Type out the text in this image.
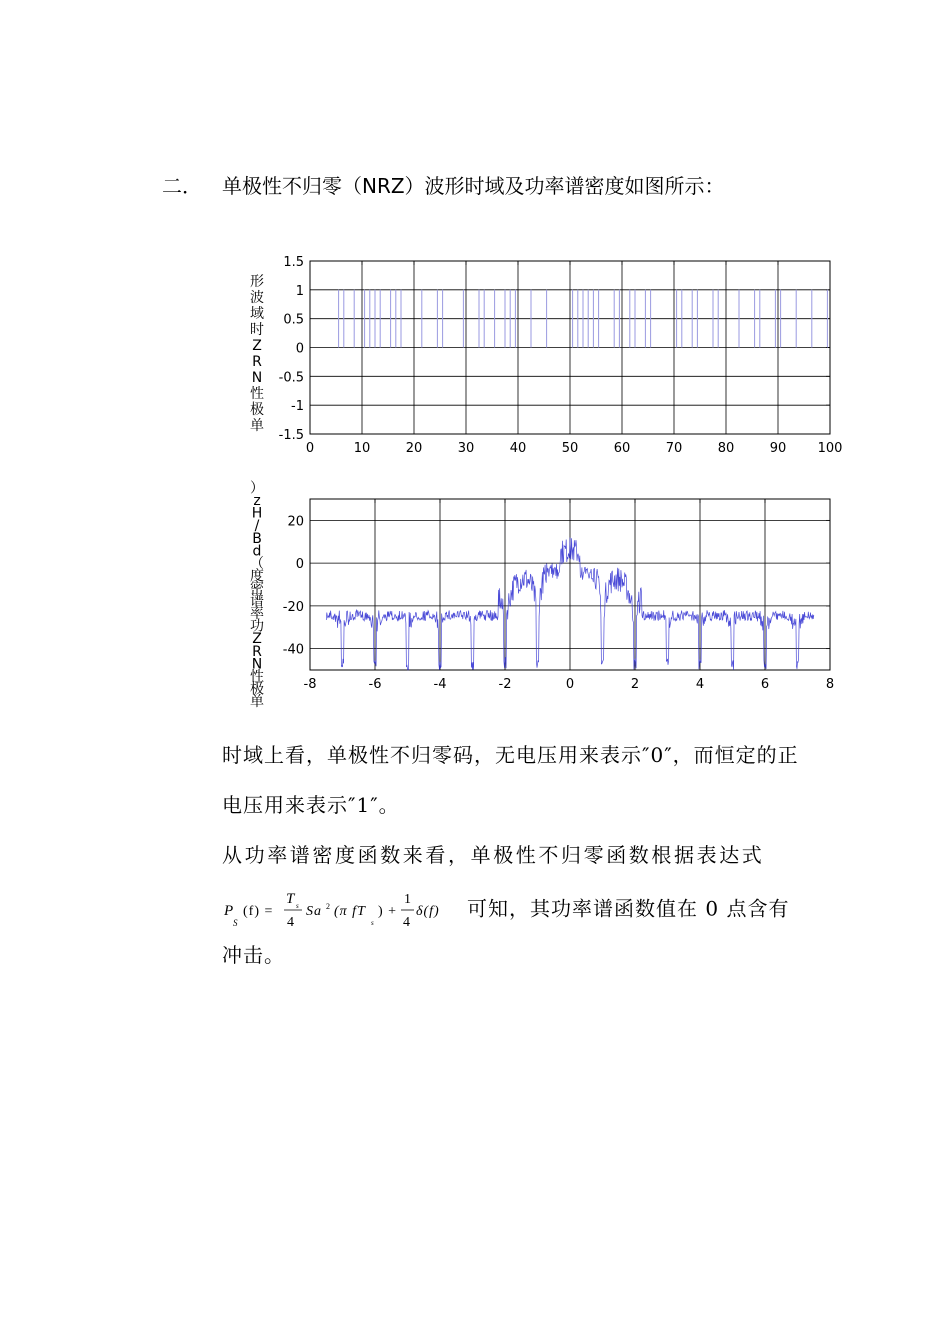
二． 单极性不归零（NRZ）波形时域及功率谱密度如图所示：
0	10	20	30	40	50	60	70	80	90 100
1.5
1
0.5
0
-0.5
-1
-1.5
形波域时 Z R N 性极单
-8	-6	-4	-2	0	2	4	6	8
20
0
-20
-40
） z H / B d （度密谱率功 Z R N 性极单
时域上看，单极性不归零码，无电压用来表示″0″，而恒定的正
电压用来表示″1″。
从功率谱密度函数来看，单极性不归零函数根据表达式
P
S
(f) =
T s
4
Sa 2 (π fT
s
) +
1
4
δ(f) 可知，其功率谱函数值在 0 点含有
冲击。
